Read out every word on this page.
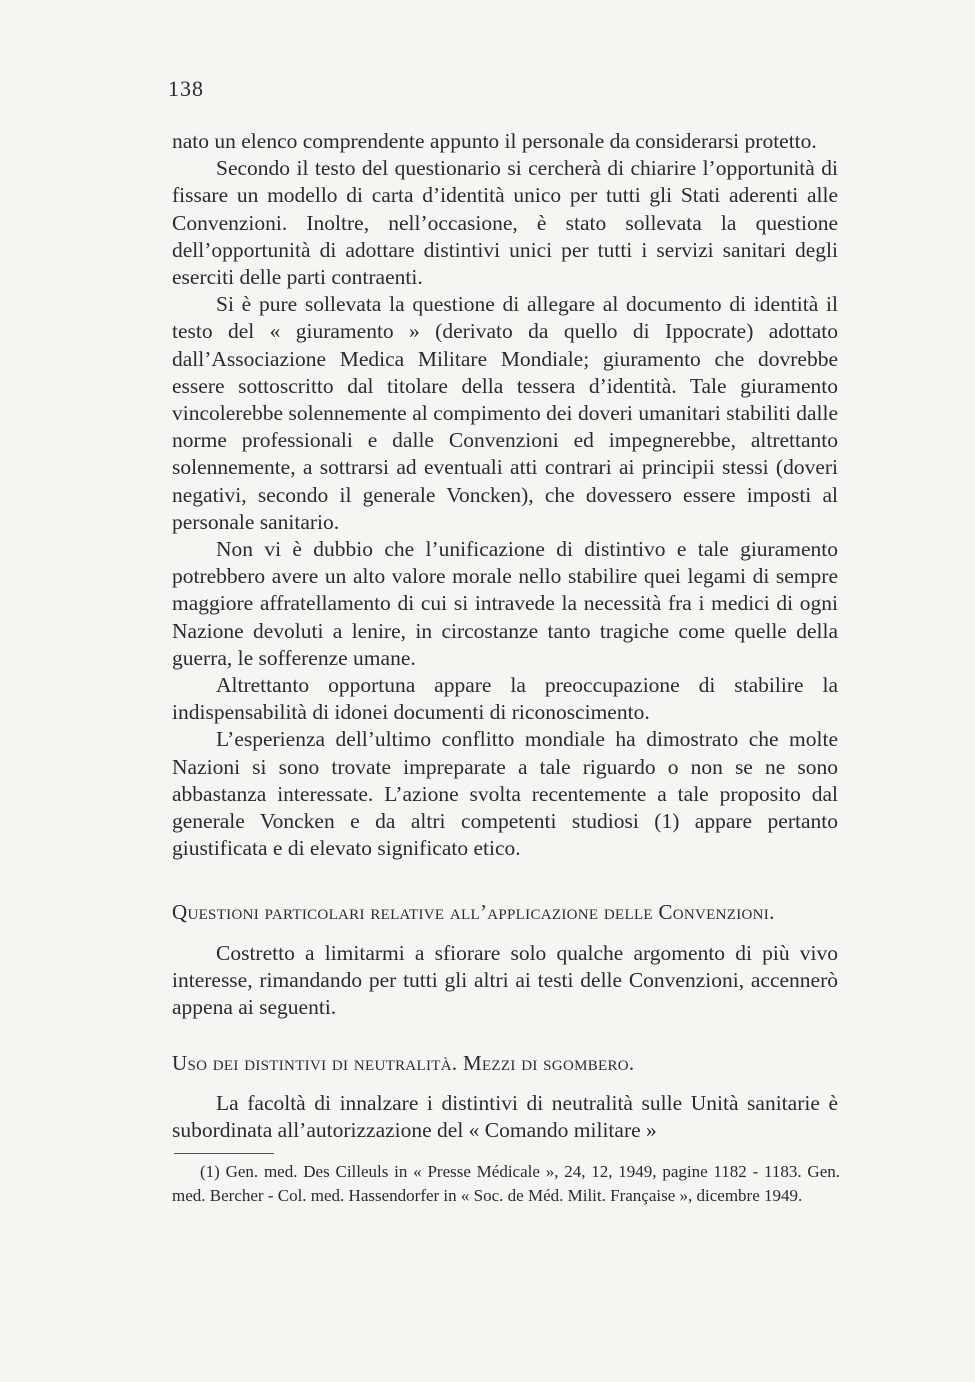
138

nato un elenco comprendente appunto il personale da considerarsi protetto.

Secondo il testo del questionario si cercherà di chiarire l’opportunità di fissare un modello di carta d’identità unico per tutti gli Stati aderenti alle Convenzioni. Inoltre, nell’occasione, è stato sollevata la questione dell’opportunità di adottare distintivi unici per tutti i servizi sanitari degli eserciti delle parti contraenti.

Si è pure sollevata la questione di allegare al documento di identità il testo del « giuramento » (derivato da quello di Ippocrate) adottato dall’Associazione Medica Militare Mondiale; giuramento che dovrebbe essere sottoscritto dal titolare della tessera d’identità. Tale giuramento vincolerebbe solennemente al compimento dei doveri umanitari stabiliti dalle norme professionali e dalle Convenzioni ed impegnerebbe, altrettanto solennemente, a sottrarsi ad eventuali atti contrari ai principii stessi (doveri negativi, secondo il generale Voncken), che dovessero essere imposti al personale sanitario.

Non vi è dubbio che l’unificazione di distintivo e tale giuramento potrebbero avere un alto valore morale nello stabilire quei legami di sempre maggiore affratellamento di cui si intravede la necessità fra i medici di ogni Nazione devoluti a lenire, in circostanze tanto tragiche come quelle della guerra, le sofferenze umane.

Altrettanto opportuna appare la preoccupazione di stabilire la indispensabilità di idonei documenti di riconoscimento.

L’esperienza dell’ultimo conflitto mondiale ha dimostrato che molte Nazioni si sono trovate impreparate a tale riguardo o non se ne sono abbastanza interessate. L’azione svolta recentemente a tale proposito dal generale Voncken e da altri competenti studiosi (1) appare pertanto giustificata e di elevato significato etico.

Questioni particolari relative all’applicazione delle Convenzioni.

Costretto a limitarmi a sfiorare solo qualche argomento di più vivo interesse, rimandando per tutti gli altri ai testi delle Convenzioni, accennerò appena ai seguenti.

Uso dei distintivi di neutralità. Mezzi di sgombero.

La facoltà di innalzare i distintivi di neutralità sulle Unità sanitarie è subordinata all’autorizzazione del « Comando militare »

(1) Gen. med. Des Cilleuls in « Presse Médicale », 24, 12, 1949, pagine 1182 - 1183. Gen. med. Bercher - Col. med. Hassendorfer in « Soc. de Méd. Milit. Française », dicembre 1949.
